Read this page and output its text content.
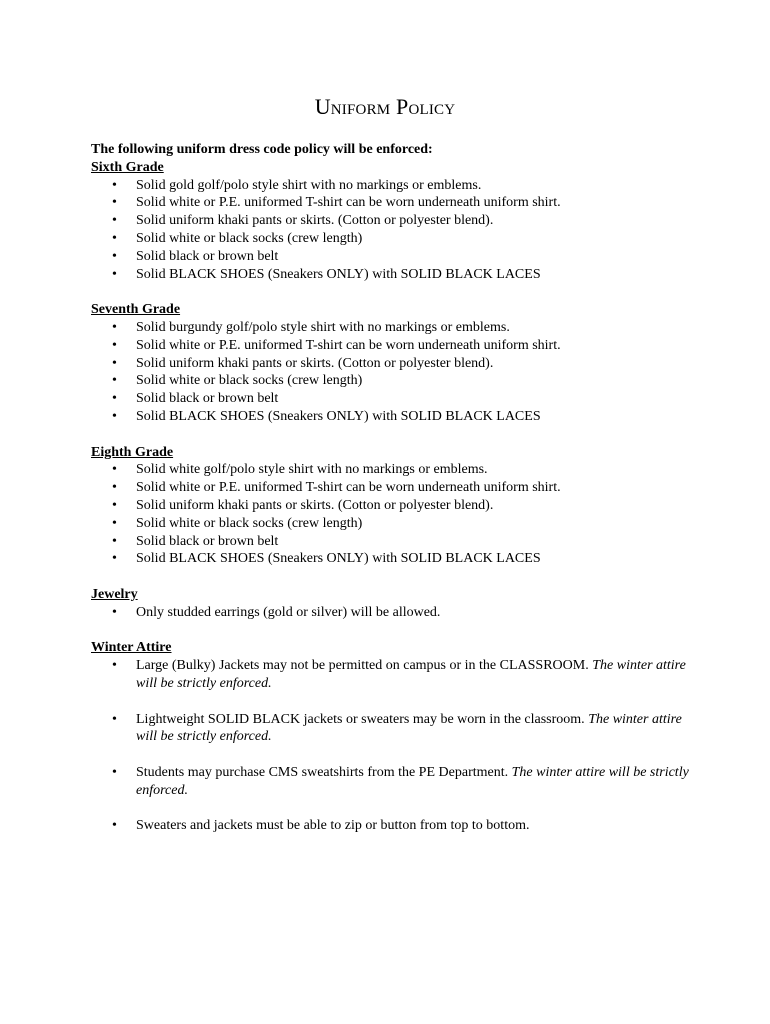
Uniform Policy

The following uniform dress code policy will be enforced:

Sixth Grade

• Solid gold golf/polo style shirt with no markings or emblems.
• Solid white or P.E. uniformed T-shirt can be worn underneath uniform shirt.
• Solid uniform khaki pants or skirts. (Cotton or polyester blend).
• Solid white or black socks (crew length)
• Solid black or brown belt
• Solid BLACK SHOES (Sneakers ONLY) with SOLID BLACK LACES

Seventh Grade

• Solid burgundy golf/polo style shirt with no markings or emblems.
• Solid white or P.E. uniformed T-shirt can be worn underneath uniform shirt.
• Solid uniform khaki pants or skirts. (Cotton or polyester blend).
• Solid white or black socks (crew length)
• Solid black or brown belt
• Solid BLACK SHOES (Sneakers ONLY) with SOLID BLACK LACES

Eighth Grade

• Solid white golf/polo style shirt with no markings or emblems.
• Solid white or P.E. uniformed T-shirt can be worn underneath uniform shirt.
• Solid uniform khaki pants or skirts. (Cotton or polyester blend).
• Solid white or black socks (crew length)
• Solid black or brown belt
• Solid BLACK SHOES (Sneakers ONLY) with SOLID BLACK LACES

Jewelry

• Only studded earrings (gold or silver) will be allowed.

Winter Attire

• Large (Bulky) Jackets may not be permitted on campus or in the CLASSROOM. The winter attire will be strictly enforced.
• Lightweight SOLID BLACK jackets or sweaters may be worn in the classroom. The winter attire will be strictly enforced.
• Students may purchase CMS sweatshirts from the PE Department. The winter attire will be strictly enforced.
• Sweaters and jackets must be able to zip or button from top to bottom.
